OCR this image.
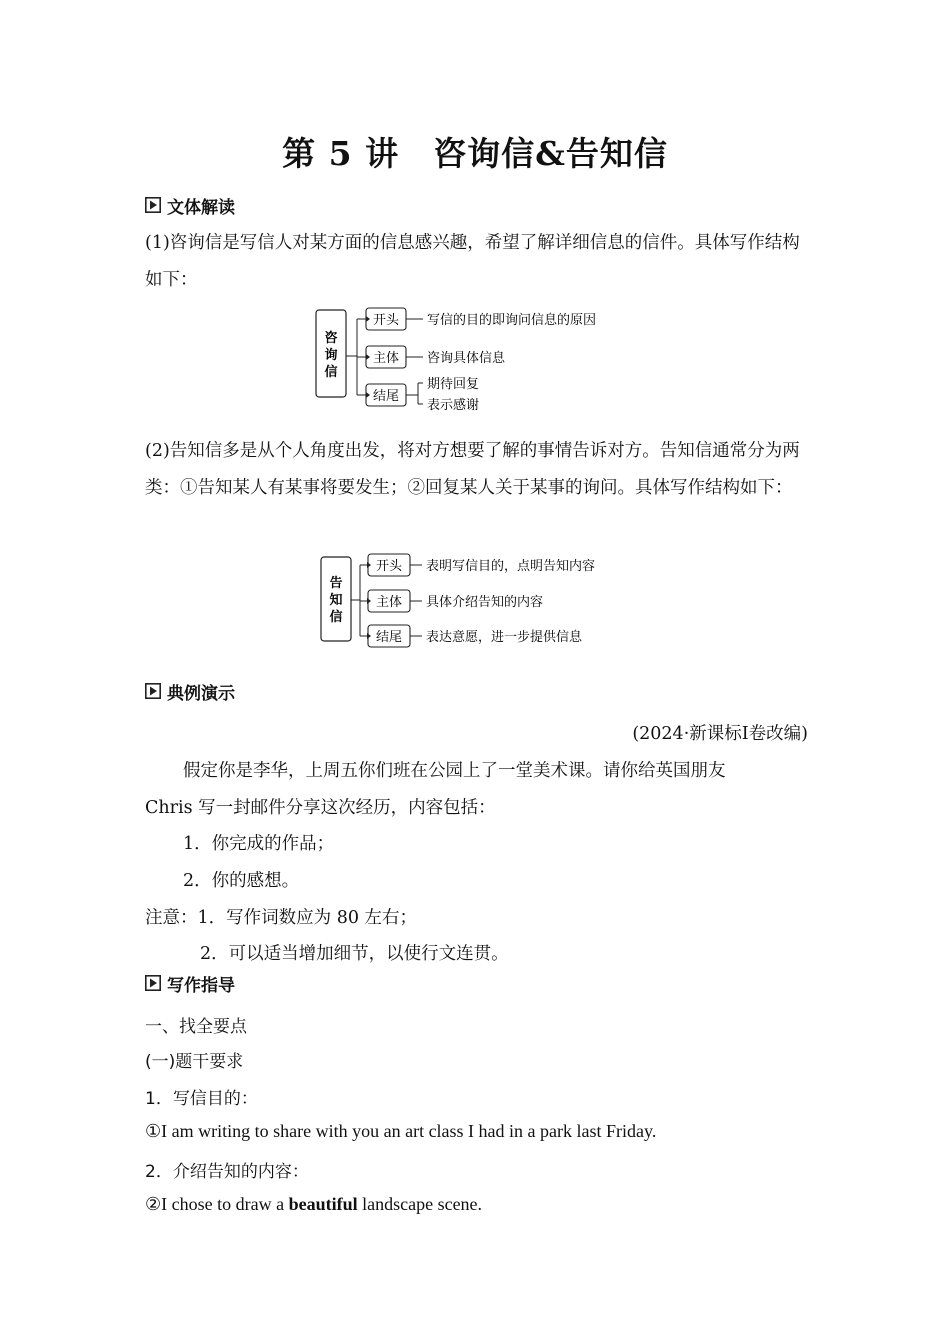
第 5 讲　咨询信&告知信
文体解读
(1)咨询信是写信人对某方面的信息感兴趣，希望了解详细信息的信件。具体写作结构如下：
咨
询
信
开头
主体
结尾
写信的目的即询问信息的原因
咨询具体信息
期待回复
表示感谢
(2)告知信多是从个人角度出发，将对方想要了解的事情告诉对方。告知信通常分为两类：①告知某人有某事将要发生；②回复某人关于某事的询问。具体写作结构如下：
告
知
信
开头
主体
结尾
表明写信目的，点明告知内容
具体介绍告知的内容
表达意愿，进一步提供信息
典例演示
(2024·新课标Ⅰ卷改编)
假定你是李华，上周五你们班在公园上了一堂美术课。请你给英国朋友
Chris 写一封邮件分享这次经历，内容包括：
1．你完成的作品；
2．你的感想。
注意：1．写作词数应为 80 左右；
2．可以适当增加细节，以使行文连贯。
写作指导
一、找全要点
(一)题干要求
1．写信目的：
①I am writing to share with you an art class I had in a park last Friday.
2．介绍告知的内容：
②I chose to draw a beautiful landscape scene.
